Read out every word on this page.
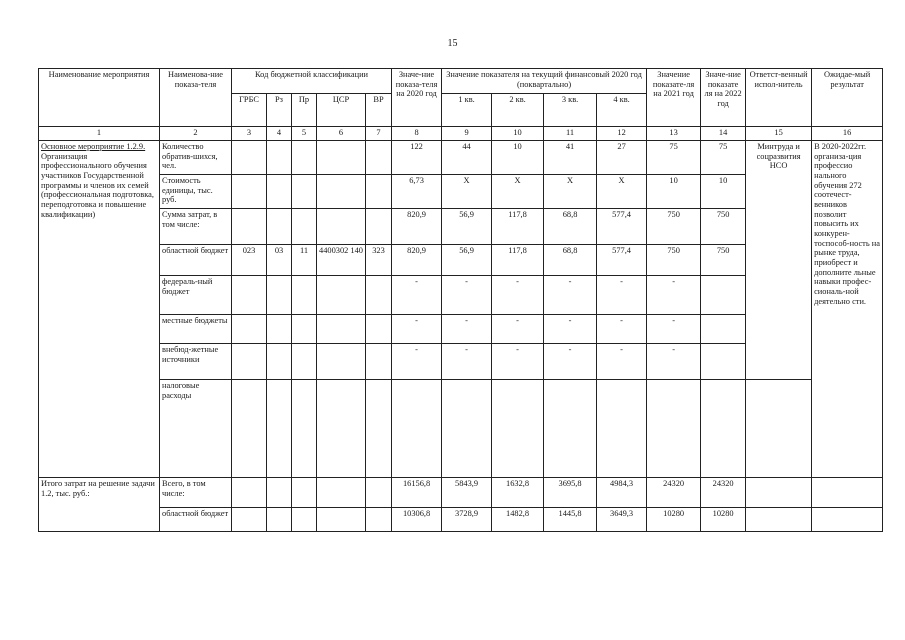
15
Наименование мероприятия	Наименова-ние показа-теля	Код бюджетной классификации					Значе-ние показа-теля на 2020 год	Значение показателя на текущий финансовый 2020 год (поквартально)				Значение показате-ля на 2021 год	Значе-ние показате ля на 2022 год	Ответст-венный испол-нитель	Ожидае-мый результат
		ГРБС	Рз	Пр	ЦСР	ВР		1 кв.	2 кв.	3 кв.	4 кв.				
1	2	3	4	5	6	7	8	9	10	11	12	13	14	15	16

Основное мероприятие 1.2.9.
Организация профессионального обучения участников Государственной программы и членов их семей (профессиональная подготовка, переподготовка и повышение квалификации)	Количество обратив-шихся, чел.						122	44	10	41	27	75	75	Минтруда и соцразвития НСО	В 2020-2022гг. организа-ция профессио нального обучения 272 соотечест-венников позволит повысить их конкурен-тоспособ-ность на рынке труда, приобрест и дополните льные навыки профес-сиональ-ной деятельно сти.
	Стоимость единицы, тыс. руб.						6,73	Х	Х	Х	Х	10	10		
	Сумма затрат, в том числе:						820,9	56,9	117,8	68,8	577,4	750	750		
	областной бюджет	023	03	11	4400302 140	323	820,9	56,9	117,8	68,8	577,4	750	750		
	федераль-ный бюджет						-	-	-	-	-	-			
	местные бюджеты						-	-	-	-	-	-			
	внебюд-жетные источники						-	-	-	-	-	-			
	налоговые расходы														
Итого затрат на решение задачи 1.2, тыс. руб.:	Всего, в том числе:						16156,8	5843,9	1632,8	3695,8	4984,3	24320	24320		
	областной бюджет						10306,8	3728,9	1482,8	1445,8	3649,3	10280	10280		
